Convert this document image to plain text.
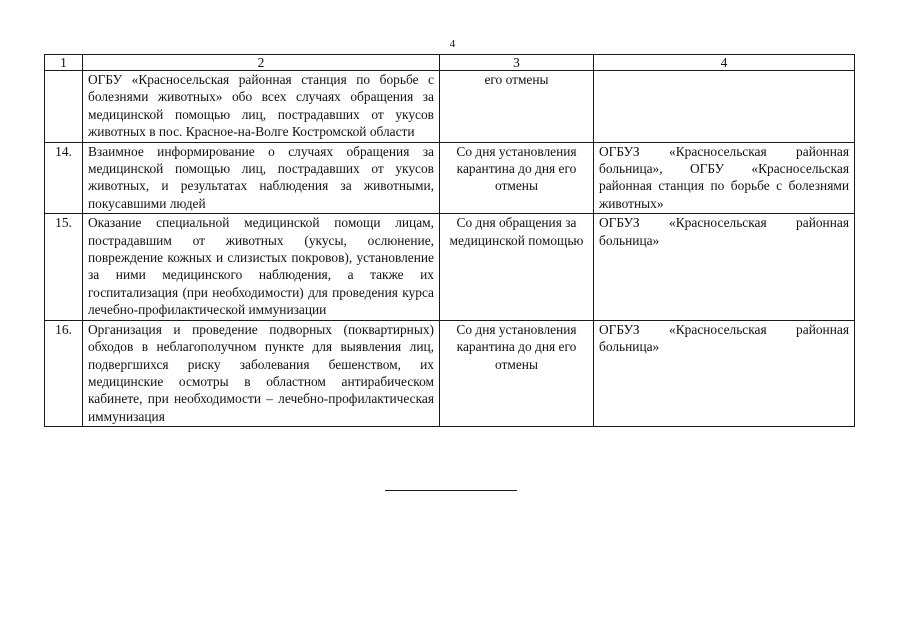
4
1	2	3	4
	ОГБУ «Красносельская районная станция по борьбе с болезнями животных» обо всех случаях обращения за медицинской помощью лиц, пострадавших от укусов животных в пос. Красное-на-Волге Костромской области	его отмены	
14.	Взаимное информирование о случаях обращения за медицинской помощью лиц, пострадавших от укусов животных, и результатах наблюдения за животными, покусавшими людей	Со дня установления карантина до дня его отмены	ОГБУЗ «Красносельская районная больница», ОГБУ «Красносельская районная станция по борьбе с болезнями животных»
15.	Оказание специальной медицинской помощи лицам, пострадавшим от животных (укусы, ослюнение, повреждение кожных и слизистых покровов), установление за ними медицинского наблюдения, а также их госпитализация (при необходимости) для проведения курса лечебно-профилактической иммунизации	Со дня обращения за медицинской помощью	ОГБУЗ «Красносельская районная больница»
16.	Организация и проведение подворных (поквартирных) обходов в неблагополучном пункте для выявления лиц, подвергшихся риску заболевания бешенством, их медицинские осмотры в областном антирабическом кабинете, при необходимости – лечебно-профилактическая иммунизация	Со дня установления карантина до дня его отмены	ОГБУЗ «Красносельская районная больница»
